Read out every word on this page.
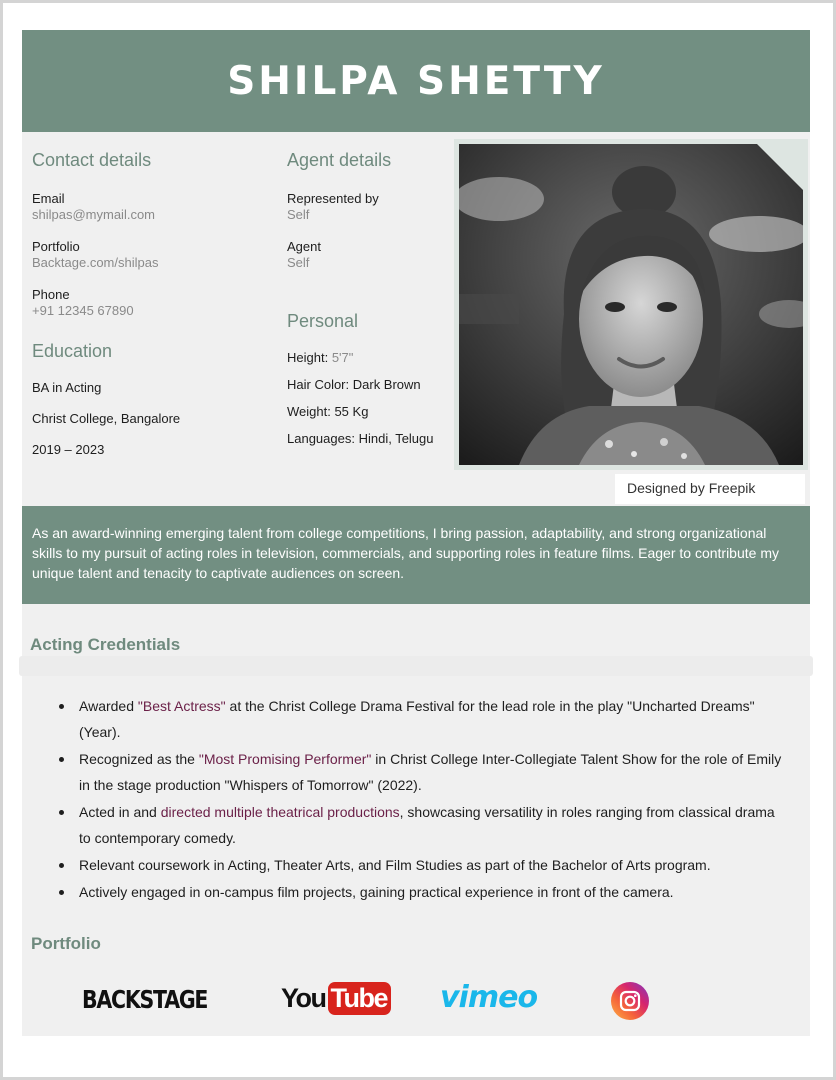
SHILPA SHETTY
Contact details
Email
shilpas@mymail.com
Portfolio
Backtage.com/shilpas
Phone
+91 12345 67890
Education
BA in Acting
Christ College, Bangalore
2019 – 2023
Agent details
Represented by
Self
Agent
Self
Personal
Height: 5'7"
Hair Color: Dark Brown
Weight: 55 Kg
Languages: Hindi, Telugu
Designed by Freepik
As an award-winning emerging talent from college competitions, I bring passion, adaptability, and strong organizational skills to my pursuit of acting roles in television, commercials, and supporting roles in feature films. Eager to contribute my unique talent and tenacity to captivate audiences on screen.
Acting Credentials
Awarded "Best Actress" at the Christ College Drama Festival for the lead role in the play "Uncharted Dreams" (Year).
Recognized as the "Most Promising Performer" in Christ College Inter-Collegiate Talent Show for the role of Emily in the stage production "Whispers of Tomorrow" (2022).
Acted in and directed multiple theatrical productions, showcasing versatility in roles ranging from classical drama to contemporary comedy.
Relevant coursework in Acting, Theater Arts, and Film Studies as part of the Bachelor of Arts program.
Actively engaged in on-campus film projects, gaining practical experience in front of the camera.
Portfolio
BACKSTAGE	You Tube vimeo
